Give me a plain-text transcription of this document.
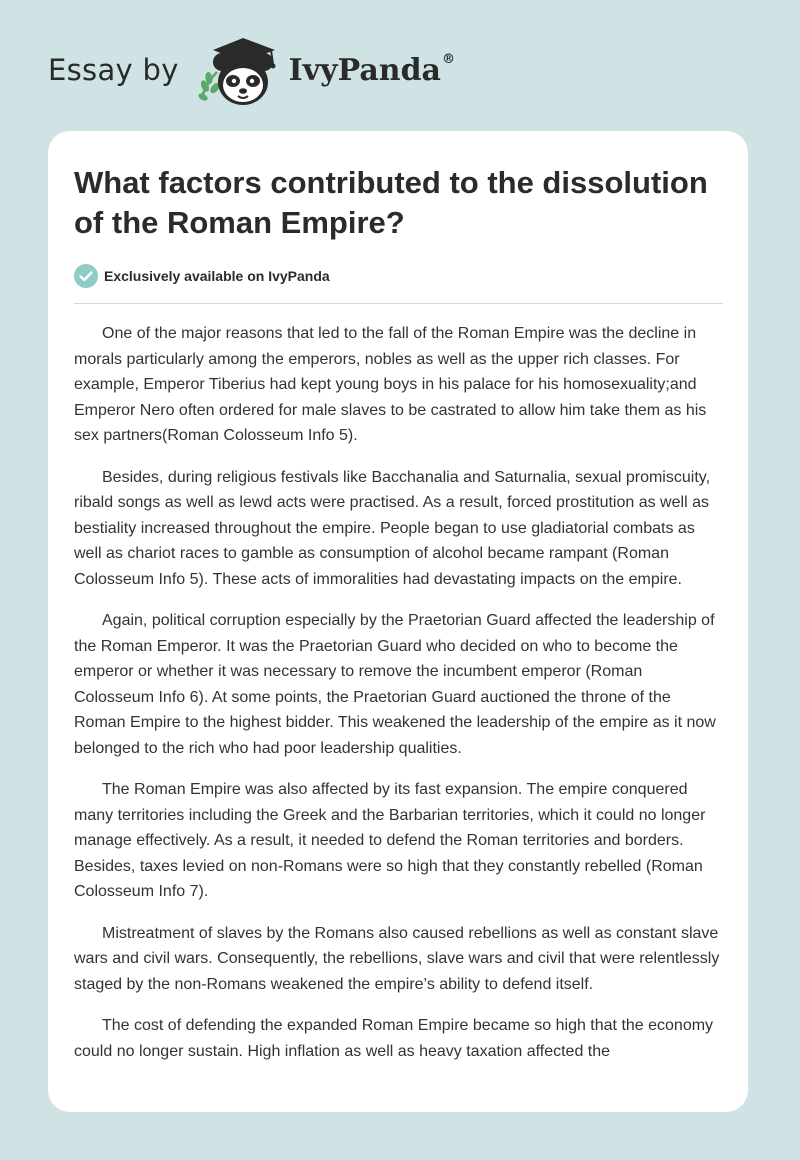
Essay by	IvyPanda®
What factors contributed to the dissolution of the Roman Empire?
Exclusively available on IvyPanda

One of the major reasons that led to the fall of the Roman Empire was the decline in morals particularly among the emperors, nobles as well as the upper rich classes. For example, Emperor Tiberius had kept young boys in his palace for his homosexuality;and Emperor Nero often ordered for male slaves to be castrated to allow him take them as his sex partners(Roman Colosseum Info 5).

Besides, during religious festivals like Bacchanalia and Saturnalia, sexual promiscuity, ribald songs as well as lewd acts were practised. As a result, forced prostitution as well as bestiality increased throughout the empire. People began to use gladiatorial combats as well as chariot races to gamble as consumption of alcohol became rampant (Roman Colosseum Info 5). These acts of immoralities had devastating impacts on the empire.

Again, political corruption especially by the Praetorian Guard affected the leadership of the Roman Emperor. It was the Praetorian Guard who decided on who to become the emperor or whether it was necessary to remove the incumbent emperor (Roman Colosseum Info 6). At some points, the Praetorian Guard auctioned the throne of the Roman Empire to the highest bidder. This weakened the leadership of the empire as it now belonged to the rich who had poor leadership qualities.

The Roman Empire was also affected by its fast expansion. The empire conquered many territories including the Greek and the Barbarian territories, which it could no longer manage effectively. As a result, it needed to defend the Roman territories and borders. Besides, taxes levied on non-Romans were so high that they constantly rebelled (Roman Colosseum Info 7).

Mistreatment of slaves by the Romans also caused rebellions as well as constant slave wars and civil wars. Consequently, the rebellions, slave wars and civil that were relentlessly staged by the non-Romans weakened the empire’s ability to defend itself.

The cost of defending the expanded Roman Empire became so high that the economy could no longer sustain. High inflation as well as heavy taxation affected the
